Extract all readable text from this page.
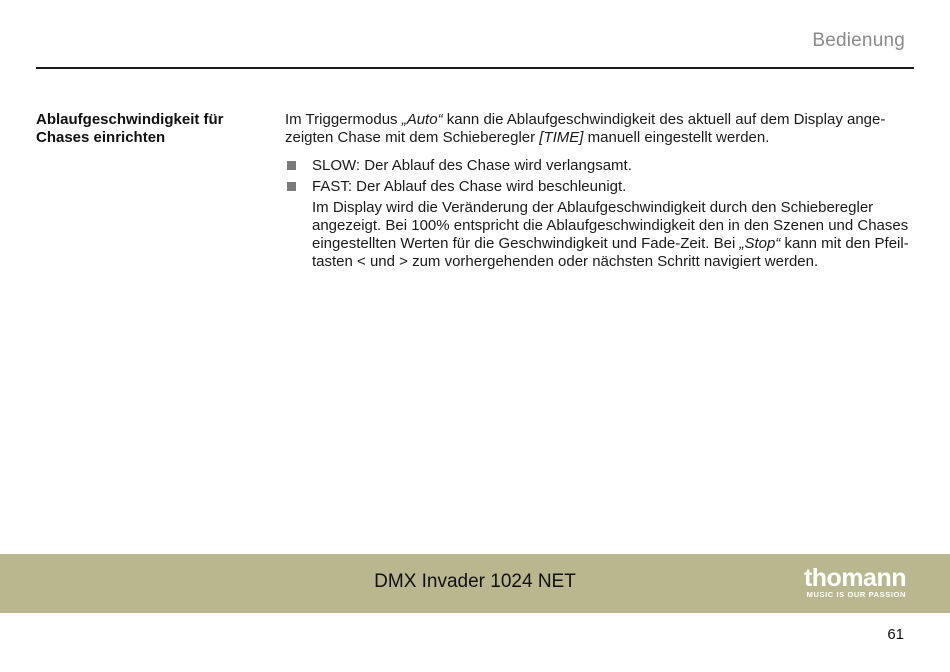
Bedienung
Ablaufgeschwindigkeit für Chases einrichten

Im Triggermodus „Auto“ kann die Ablaufgeschwindigkeit des aktuell auf dem Display angezeigten Chase mit dem Schieberegler [TIME] manuell eingestellt werden.

SLOW: Der Ablauf des Chase wird verlangsamt.
FAST: Der Ablauf des Chase wird beschleunigt.

Im Display wird die Veränderung der Ablaufgeschwindigkeit durch den Schieberegler angezeigt. Bei 100% entspricht die Ablaufgeschwindigkeit den in den Szenen und Chases eingestellten Werten für die Geschwindigkeit und Fade-Zeit. Bei „Stop“ kann mit den Pfeiltasten < und > zum vorhergehenden oder nächsten Schritt navigiert werden.

DMX Invader 1024 NET	thomann
MUSIC IS OUR PASSION
61
